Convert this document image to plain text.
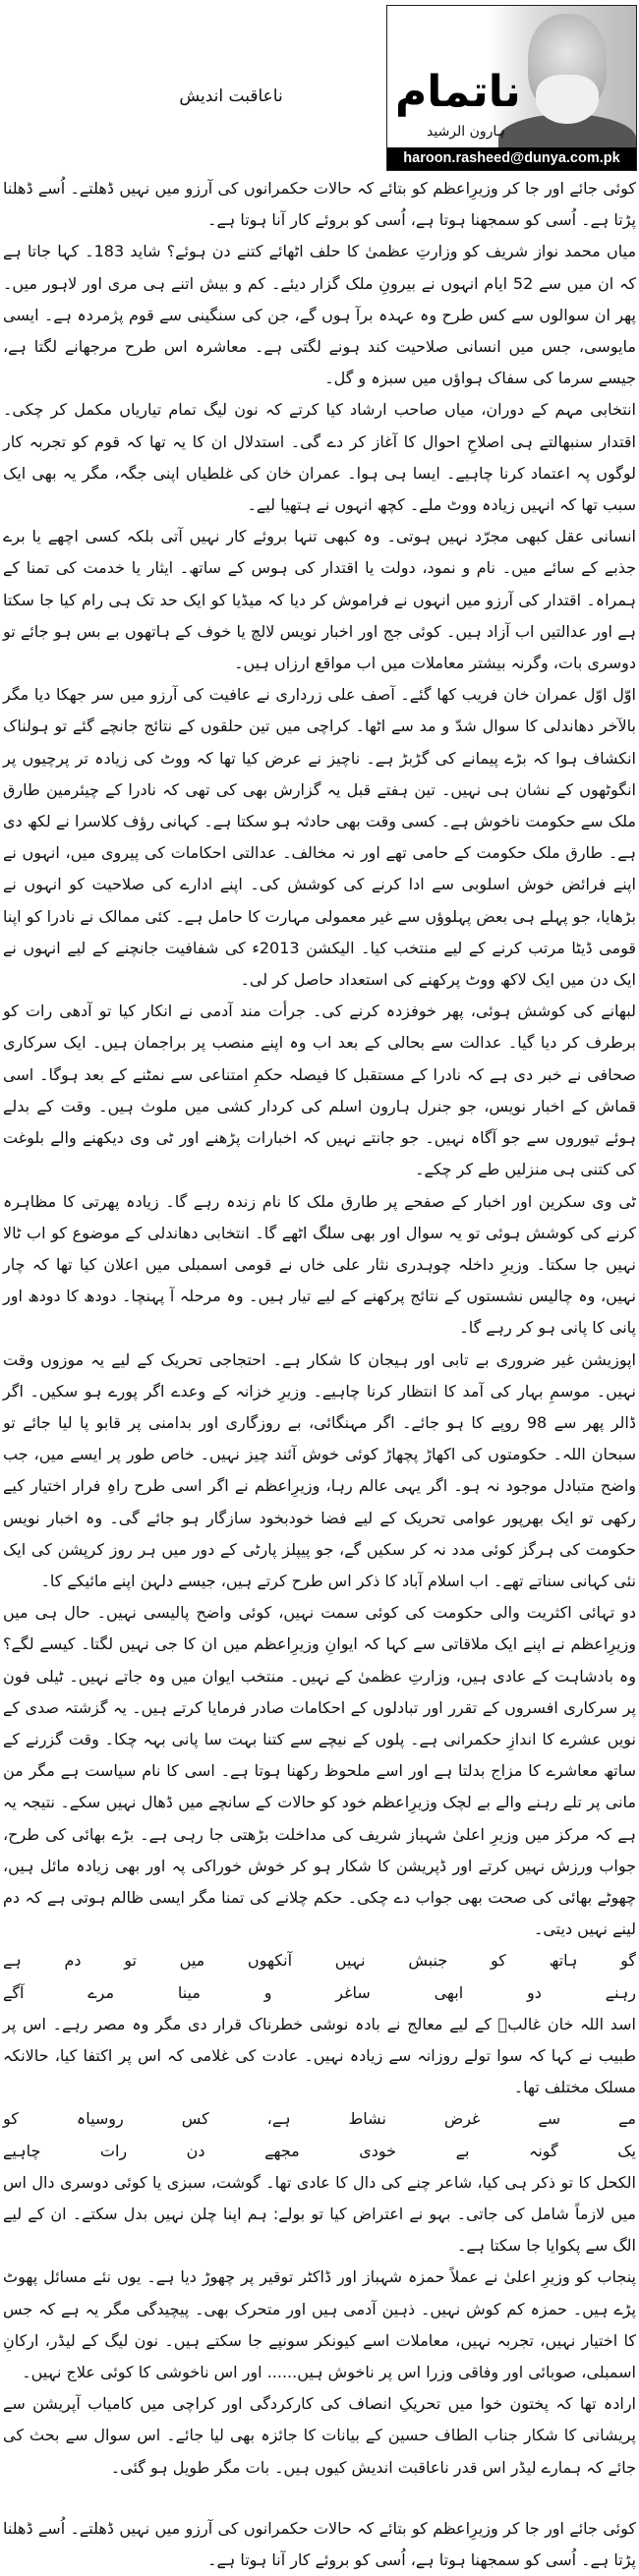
ناعاقبت اندیش	ناتمام
ہارون الرشید
haroon.rasheed@dunya.com.pk

کوئی جائے اور جا کر وزیرِاعظم کو بتائے کہ حالات حکمرانوں کی آرزو میں نہیں ڈھلتے۔ اُسے ڈھلنا پڑتا ہے۔ اُسی کو سمجھنا ہوتا ہے، اُسی کو بروئے کار آنا ہوتا ہے۔

میاں محمد نواز شریف کو وزارتِ عظمیٰ کا حلف اٹھائے کتنے دن ہوئے؟ شاید 183۔ کہا جاتا ہے کہ ان میں سے 52 ایام انہوں نے بیرونِ ملک گزار دیئے۔ کم و بیش اتنے ہی مری اور لاہور میں۔ پھر ان سوالوں سے کس طرح وہ عہدہ برآ ہوں گے، جن کی سنگینی سے قوم پژمردہ ہے۔ ایسی مایوسی، جس میں انسانی صلاحیت کند ہونے لگتی ہے۔ معاشرہ اس طرح مرجھانے لگتا ہے، جیسے سرما کی سفاک ہواؤں میں سبزہ و گل۔

انتخابی مہم کے دوران، میاں صاحب ارشاد کیا کرتے کہ نون لیگ تمام تیاریاں مکمل کر چکی۔ اقتدار سنبھالتے ہی اصلاحِ احوال کا آغاز کر دے گی۔ استدلال ان کا یہ تھا کہ قوم کو تجربہ کار لوگوں پہ اعتماد کرنا چاہیے۔ ایسا ہی ہوا۔ عمران خان کی غلطیاں اپنی جگہ، مگر یہ بھی ایک سبب تھا کہ انہیں زیادہ ووٹ ملے۔ کچھ انہوں نے ہتھیا لیے۔

انسانی عقل کبھی مجرّد نہیں ہوتی۔ وہ کبھی تنہا بروئے کار نہیں آتی بلکہ کسی اچھے یا برے جذبے کے سائے میں۔ نام و نمود، دولت یا اقتدار کی ہوس کے ساتھ۔ ایثار یا خدمت کی تمنا کے ہمراہ۔ اقتدار کی آرزو میں انہوں نے فراموش کر دیا کہ میڈیا کو ایک حد تک ہی رام کیا جا سکتا ہے اور عدالتیں اب آزاد ہیں۔ کوئی جج اور اخبار نویس لالچ یا خوف کے ہاتھوں بے بس ہو جائے تو دوسری بات، وگرنہ بیشتر معاملات میں اب مواقع ارزاں ہیں۔

اوّل اوّل عمران خان فریب کھا گئے۔ آصف علی زرداری نے عافیت کی آرزو میں سر جھکا دیا مگر بالآخر دھاندلی کا سوال شدّ و مد سے اٹھا۔ کراچی میں تین حلقوں کے نتائج جانچے گئے تو ہولناک انکشاف ہوا کہ بڑے پیمانے کی گڑبڑ ہے۔ ناچیز نے عرض کیا تھا کہ ووٹ کی زیادہ تر پرچیوں پر انگوٹھوں کے نشان ہی نہیں۔ تین ہفتے قبل یہ گزارش بھی کی تھی کہ نادرا کے چیئرمین طارق ملک سے حکومت ناخوش ہے۔ کسی وقت بھی حادثہ ہو سکتا ہے۔ کہانی رؤف کلاسرا نے لکھ دی ہے۔ طارق ملک حکومت کے حامی تھے اور نہ مخالف۔ عدالتی احکامات کی پیروی میں، انہوں نے اپنے فرائض خوش اسلوبی سے ادا کرنے کی کوشش کی۔ اپنے ادارے کی صلاحیت کو انہوں نے بڑھایا، جو پہلے ہی بعض پہلوؤں سے غیر معمولی مہارت کا حامل ہے۔ کئی ممالک نے نادرا کو اپنا قومی ڈیٹا مرتب کرنے کے لیے منتخب کیا۔ الیکشن 2013ء کی شفافیت جانچنے کے لیے انہوں نے ایک دن میں ایک لاکھ ووٹ پرکھنے کی استعداد حاصل کر لی۔

لبھانے کی کوشش ہوئی، پھر خوفزدہ کرنے کی۔ جرأت مند آدمی نے انکار کیا تو آدھی رات کو برطرف کر دیا گیا۔ عدالت سے بحالی کے بعد اب وہ اپنے منصب پر براجمان ہیں۔ ایک سرکاری صحافی نے خبر دی ہے کہ نادرا کے مستقبل کا فیصلہ حکمِ امتناعی سے نمٹنے کے بعد ہوگا۔ اسی قماش کے اخبار نویس، جو جنرل ہارون اسلم کی کردار کشی میں ملوث ہیں۔ وقت کے بدلے ہوئے تیوروں سے جو آگاہ نہیں۔ جو جانتے نہیں کہ اخبارات پڑھنے اور ٹی وی دیکھنے والے بلوغت کی کتنی ہی منزلیں طے کر چکے۔

ٹی وی سکرین اور اخبار کے صفحے پر طارق ملک کا نام زندہ رہے گا۔ زیادہ پھرتی کا مظاہرہ کرنے کی کوشش ہوئی تو یہ سوال اور بھی سلگ اٹھے گا۔ انتخابی دھاندلی کے موضوع کو اب ٹالا نہیں جا سکتا۔ وزیرِ داخلہ چوہدری نثار علی خاں نے قومی اسمبلی میں اعلان کیا تھا کہ چار نہیں، وہ چالیس نشستوں کے نتائج پرکھنے کے لیے تیار ہیں۔ وہ مرحلہ آ پہنچا۔ دودھ کا دودھ اور پانی کا پانی ہو کر رہے گا۔

اپوزیشن غیر ضروری بے تابی اور ہیجان کا شکار ہے۔ احتجاجی تحریک کے لیے یہ موزوں وقت نہیں۔ موسمِ بہار کی آمد کا انتظار کرنا چاہیے۔ وزیرِ خزانہ کے وعدے اگر پورے ہو سکیں۔ اگر ڈالر پھر سے 98 روپے کا ہو جائے۔ اگر مہنگائی، بے روزگاری اور بدامنی پر قابو پا لیا جائے تو سبحان اللہ۔ حکومتوں کی اکھاڑ پچھاڑ کوئی خوش آئند چیز نہیں۔ خاص طور پر ایسے میں، جب واضح متبادل موجود نہ ہو۔ اگر یہی عالم رہا، وزیرِاعظم نے اگر اسی طرح راہِ فرار اختیار کیے رکھی تو ایک بھرپور عوامی تحریک کے لیے فضا خودبخود سازگار ہو جائے گی۔ وہ اخبار نویس حکومت کی ہرگز کوئی مدد نہ کر سکیں گے، جو پیپلز پارٹی کے دور میں ہر روز کرپشن کی ایک نئی کہانی سناتے تھے۔ اب اسلام آباد کا ذکر اس طرح کرتے ہیں، جیسے دلہن اپنے مائیکے کا۔

دو تہائی اکثریت والی حکومت کی کوئی سمت نہیں، کوئی واضح پالیسی نہیں۔ حال ہی میں وزیرِاعظم نے اپنے ایک ملاقاتی سے کہا کہ ایوانِ وزیرِاعظم میں ان کا جی نہیں لگتا۔ کیسے لگے؟ وہ بادشاہت کے عادی ہیں، وزارتِ عظمیٰ کے نہیں۔ منتخب ایوان میں وہ جاتے نہیں۔ ٹیلی فون پر سرکاری افسروں کے تقرر اور تبادلوں کے احکامات صادر فرمایا کرتے ہیں۔ یہ گزشتہ صدی کے نویں عشرے کا اندازِ حکمرانی ہے۔ پلوں کے نیچے سے کتنا بہت سا پانی بہہ چکا۔ وقت گزرنے کے ساتھ معاشرے کا مزاج بدلتا ہے اور اسے ملحوظ رکھنا ہوتا ہے۔ اسی کا نام سیاست ہے مگر من مانی پر تلے رہنے والے بے لچک وزیرِاعظم خود کو حالات کے سانچے میں ڈھال نہیں سکے۔ نتیجہ یہ ہے کہ مرکز میں وزیرِ اعلیٰ شہباز شریف کی مداخلت بڑھتی جا رہی ہے۔ بڑے بھائی کی طرح، جواب ورزش نہیں کرتے اور ڈپریشن کا شکار ہو کر خوش خوراکی پہ اور بھی زیادہ مائل ہیں، چھوٹے بھائی کی صحت بھی جواب دے چکی۔ حکم چلانے کی تمنا مگر ایسی ظالم ہوتی ہے کہ دم لینے نہیں دیتی۔

گو ہاتھ کو جنبش نہیں آنکھوں میں تو دم ہے

رہنے دو ابھی ساغر و مینا مرے آگے

اسد اللہ خان غالبؔ کے لیے معالج نے بادہ نوشی خطرناک قرار دی مگر وہ مصر رہے۔ اس پر طبیب نے کہا کہ سوا تولے روزانہ سے زیادہ نہیں۔ عادت کی غلامی کہ اس پر اکتفا کیا، حالانکہ مسلک مختلف تھا۔

مے سے غرض نشاط ہے، کس روسیاہ کو

یک گونہ بے خودی مجھے دن رات چاہیے

الکحل کا تو ذکر ہی کیا، شاعر چنے کی دال کا عادی تھا۔ گوشت، سبزی یا کوئی دوسری دال اس میں لازماً شامل کی جاتی۔ بہو نے اعتراض کیا تو بولے: ہم اپنا چلن نہیں بدل سکتے۔ ان کے لیے الگ سے پکوایا جا سکتا ہے۔

پنجاب کو وزیرِ اعلیٰ نے عملاً حمزہ شہباز اور ڈاکٹر توقیر پر چھوڑ دیا ہے۔ یوں نئے مسائل پھوٹ پڑے ہیں۔ حمزہ کم کوش نہیں۔ ذہین آدمی ہیں اور متحرک بھی۔ پیچیدگی مگر یہ ہے کہ جس کا اختیار نہیں، تجربہ نہیں، معاملات اسے کیونکر سونپے جا سکتے ہیں۔ نون لیگ کے لیڈر، ارکانِ اسمبلی، صوبائی اور وفاقی وزرا اس پر ناخوش ہیں...... اور اس ناخوشی کا کوئی علاج نہیں۔

ارادہ تھا کہ پختون خوا میں تحریکِ انصاف کی کارکردگی اور کراچی میں کامیاب آپریشن سے پریشانی کا شکار جناب الطاف حسین کے بیانات کا جائزہ بھی لیا جائے۔ اس سوال سے بحث کی جائے کہ ہمارے لیڈر اس قدر ناعاقبت اندیش کیوں ہیں۔ بات مگر طویل ہو گئی۔

کوئی جائے اور جا کر وزیرِاعظم کو بتائے کہ حالات حکمرانوں کی آرزو میں نہیں ڈھلتے۔ اُسے ڈھلنا پڑتا ہے۔ اُسی کو سمجھنا ہوتا ہے، اُسی کو بروئے کار آنا ہوتا ہے۔
